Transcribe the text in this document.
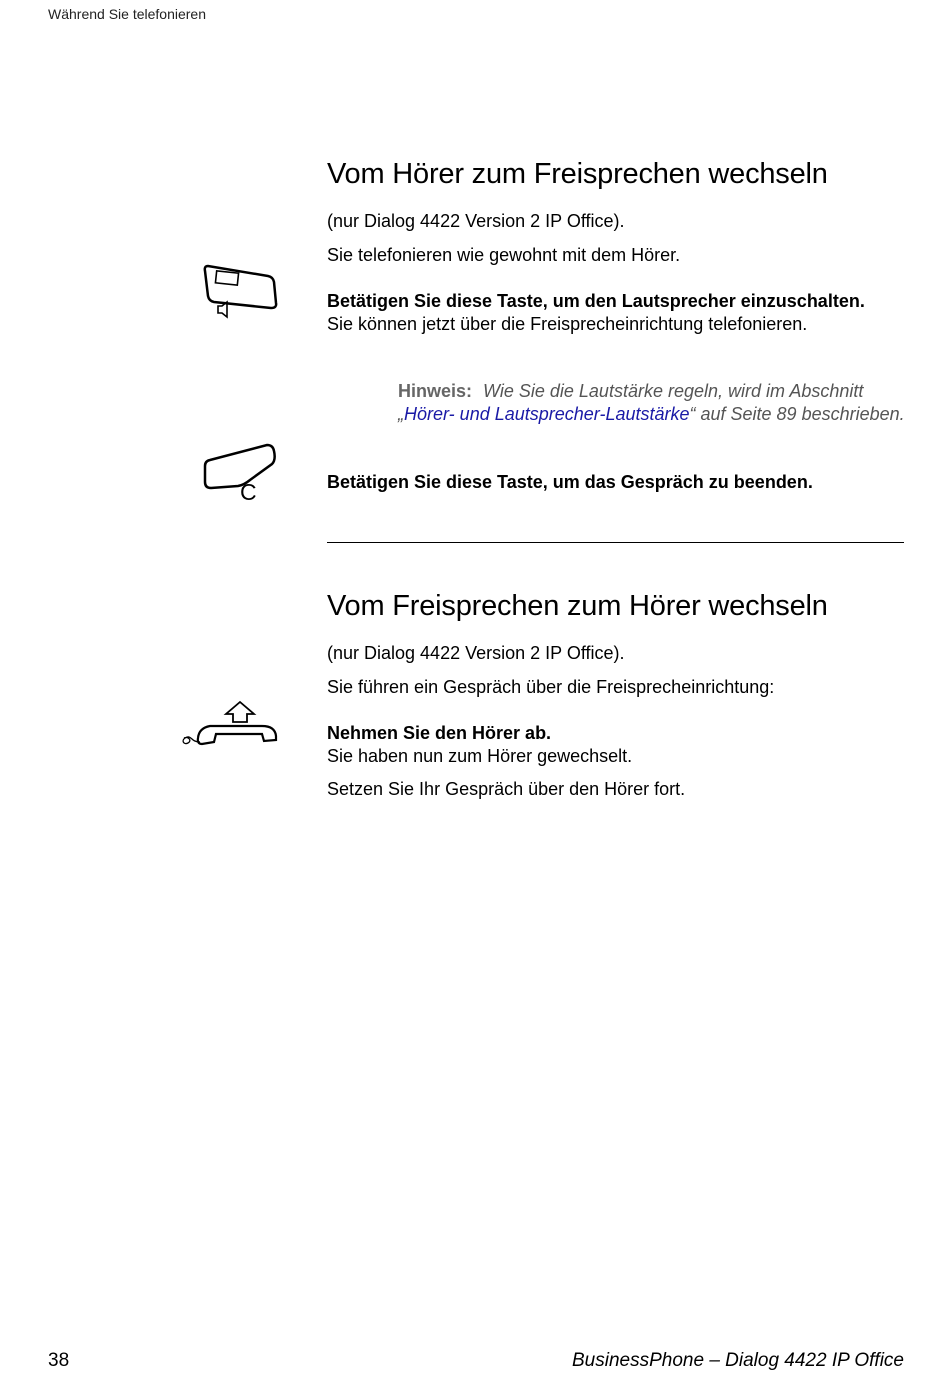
Während Sie telefonieren
Vom Hörer zum Freisprechen wechseln
(nur Dialog 4422 Version 2 IP Office).
Sie telefonieren wie gewohnt mit dem Hörer.
Betätigen Sie diese Taste, um den Lautsprecher einzuschalten.
Sie können jetzt über die Freisprecheinrichtung telefonieren.
Hinweis: Wie Sie die Lautstärke regeln, wird im Abschnitt „Hörer- und Lautsprecher-Lautstärke“ auf Seite 89 beschrieben.
C	Betätigen Sie diese Taste, um das Gespräch zu beenden.
Vom Freisprechen zum Hörer wechseln
(nur Dialog 4422 Version 2 IP Office).
Sie führen ein Gespräch über die Freisprecheinrichtung:
Nehmen Sie den Hörer ab.
Sie haben nun zum Hörer gewechselt.
Setzen Sie Ihr Gespräch über den Hörer fort.
38	BusinessPhone – Dialog 4422 IP Office
